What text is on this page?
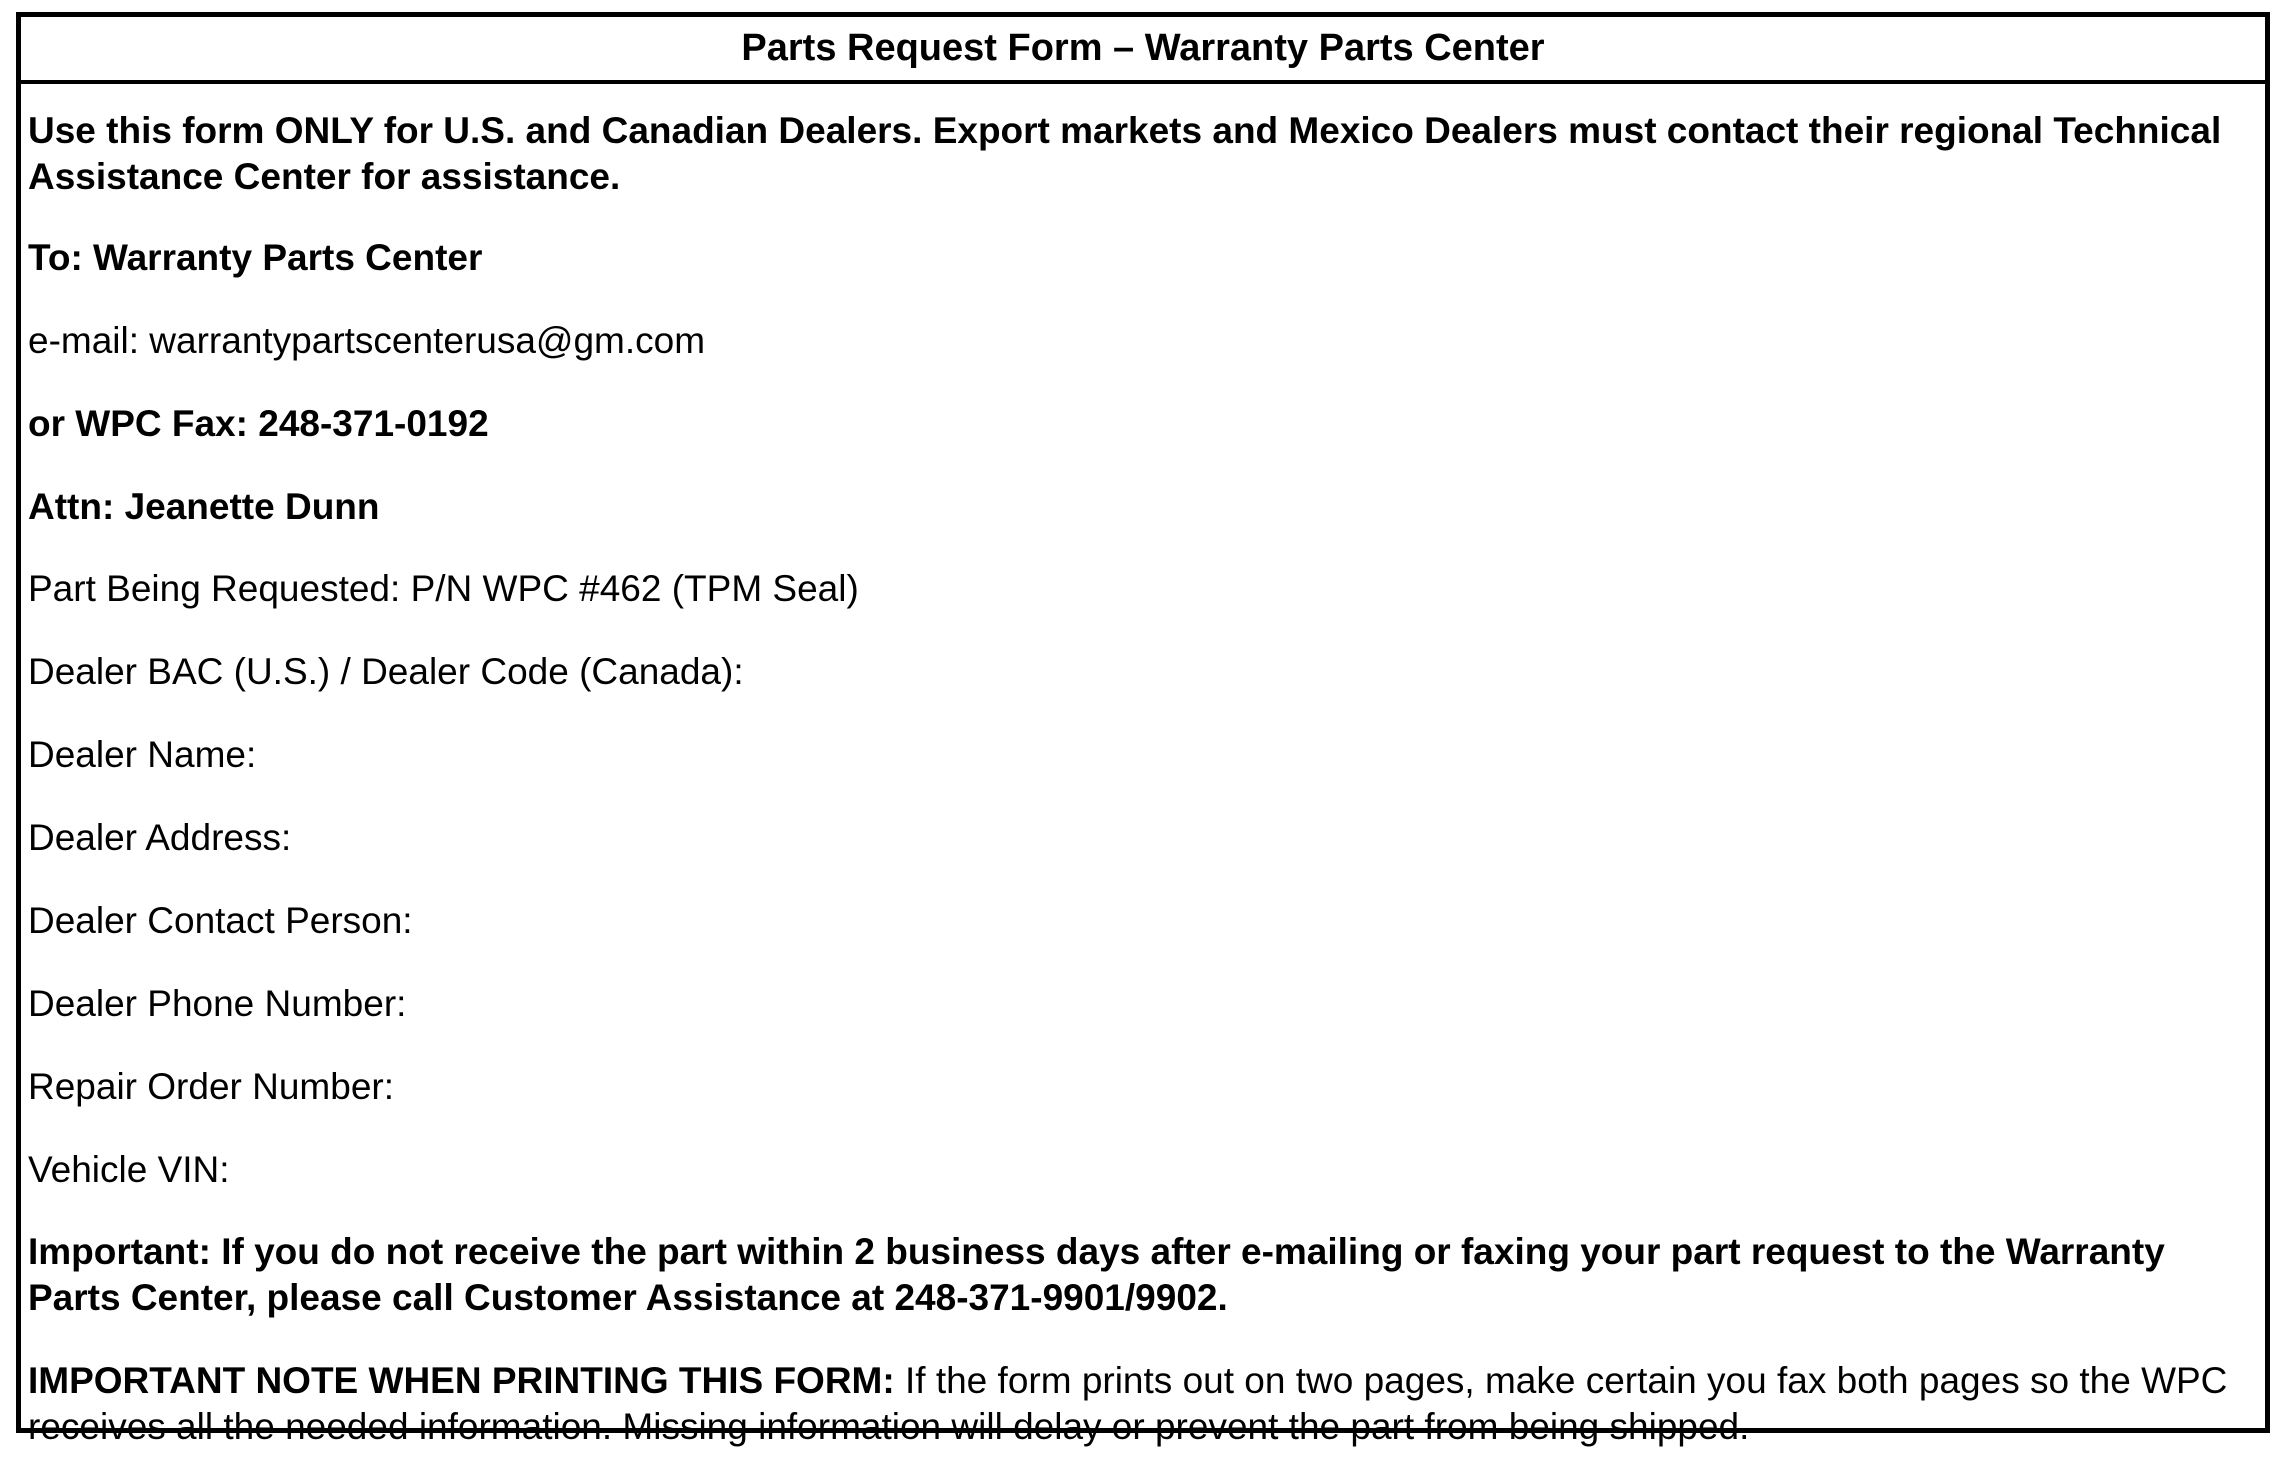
Parts Request Form – Warranty Parts Center
Use this form ONLY for U.S. and Canadian Dealers. Export markets and Mexico Dealers must contact their regional Technical
Assistance Center for assistance.
To: Warranty Parts Center
e-mail: warrantypartscenterusa@gm.com
or WPC Fax: 248-371-0192
Attn: Jeanette Dunn
Part Being Requested: P/N WPC #462 (TPM Seal)
Dealer BAC (U.S.) / Dealer Code (Canada):
Dealer Name:
Dealer Address:
Dealer Contact Person:
Dealer Phone Number:
Repair Order Number:
Vehicle VIN:
Important: If you do not receive the part within 2 business days after e-mailing or faxing your part request to the Warranty
Parts Center, please call Customer Assistance at 248-371-9901/9902.
IMPORTANT NOTE WHEN PRINTING THIS FORM: If the form prints out on two pages, make certain you fax both pages so the WPC
receives all the needed information. Missing information will delay or prevent the part from being shipped.
